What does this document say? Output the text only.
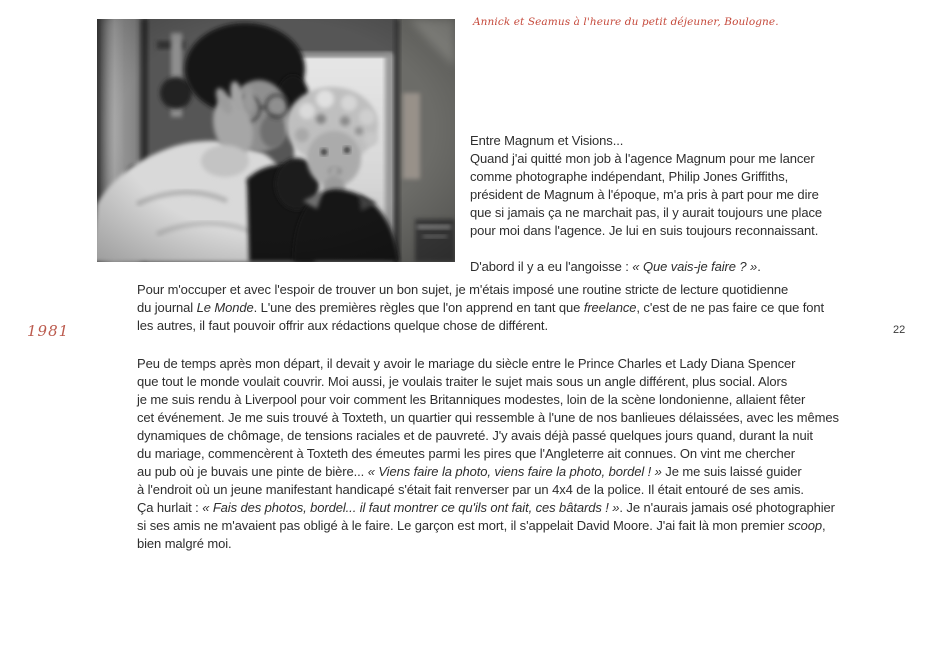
Annick et Seamus à l'heure du petit déjeuner, Boulogne.
Entre Magnum et Visions...
Quand j'ai quitté mon job à l'agence Magnum pour me lancer
comme photographe indépendant, Philip Jones Griffiths,
président de Magnum à l'époque, m'a pris à part pour me dire
que si jamais ça ne marchait pas, il y aurait toujours une place
pour moi dans l'agence. Je lui en suis toujours reconnaissant.

D'abord il y a eu l'angoisse : « Que vais-je faire ? ».
Pour m'occuper et avec l'espoir de trouver un bon sujet, je m'étais imposé une routine stricte de lecture quotidienne
du journal Le Monde. L'une des premières règles que l'on apprend en tant que freelance, c'est de ne pas faire ce que font
les autres, il faut pouvoir offrir aux rédactions quelque chose de différent.
Peu de temps après mon départ, il devait y avoir le mariage du siècle entre le Prince Charles et Lady Diana Spencer
que tout le monde voulait couvrir. Moi aussi, je voulais traiter le sujet mais sous un angle différent, plus social. Alors
je me suis rendu à Liverpool pour voir comment les Britanniques modestes, loin de la scène londonienne, allaient fêter
cet événement. Je me suis trouvé à Toxteth, un quartier qui ressemble à l'une de nos banlieues délaissées, avec les mêmes
dynamiques de chômage, de tensions raciales et de pauvreté. J'y avais déjà passé quelques jours quand, durant la nuit
du mariage, commencèrent à Toxteth des émeutes parmi les pires que l'Angleterre ait connues. On vint me chercher
au pub où je buvais une pinte de bière... « Viens faire la photo, viens faire la photo, bordel ! » Je me suis laissé guider
à l'endroit où un jeune manifestant handicapé s'était fait renverser par un 4x4 de la police. Il était entouré de ses amis.
Ça hurlait : « Fais des photos, bordel... il faut montrer ce qu'ils ont fait, ces bâtards ! ». Je n'aurais jamais osé photographier
si ses amis ne m'avaient pas obligé à le faire. Le garçon est mort, il s'appelait David Moore. J'ai fait là mon premier scoop,
bien malgré moi.
1981	22
